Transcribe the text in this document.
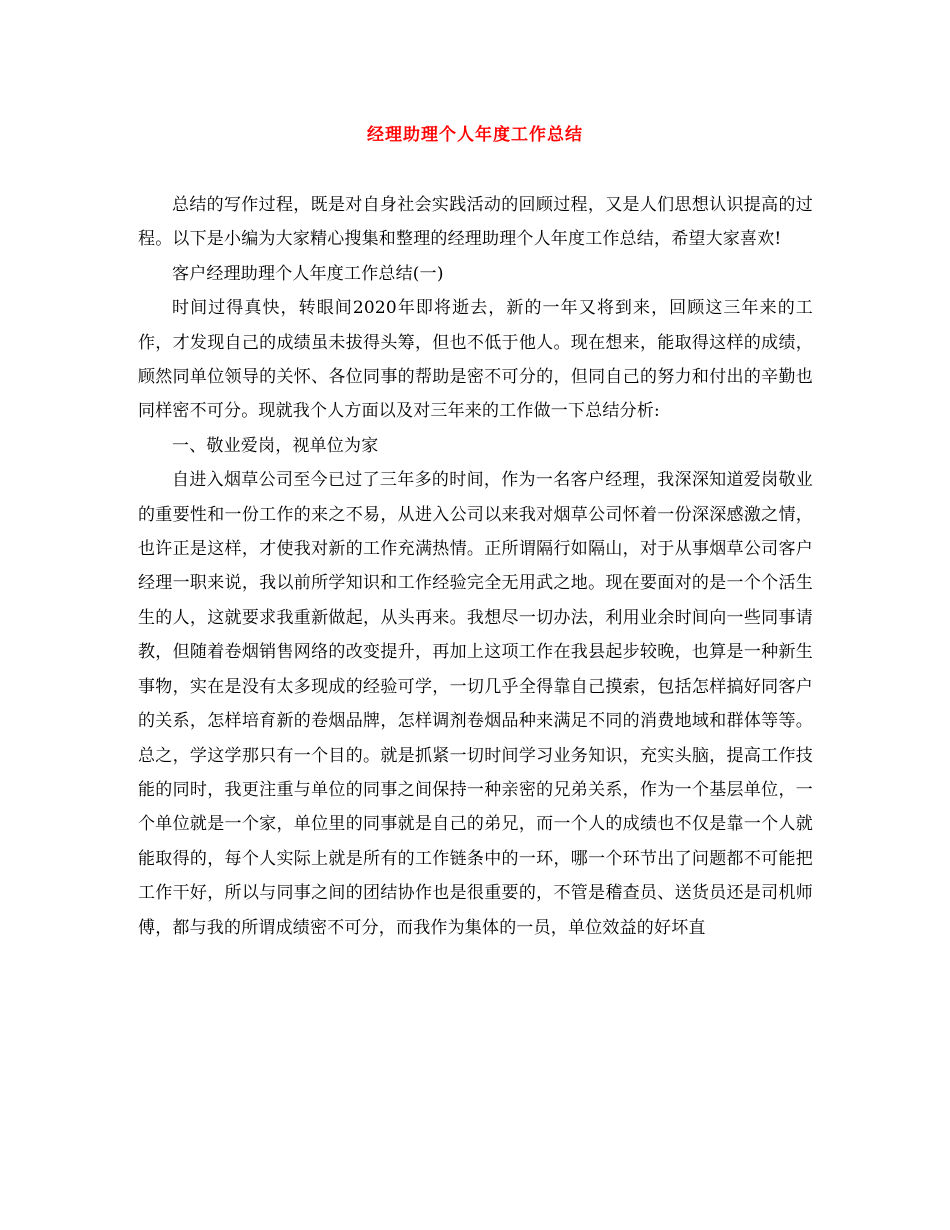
经理助理个人年度工作总结

总结的写作过程，既是对自身社会实践活动的回顾过程，又是人们思想认识提高的过程。以下是小编为大家精心搜集和整理的经理助理个人年度工作总结，希望大家喜欢!

客户经理助理个人年度工作总结(一)

时间过得真快，转眼间2020年即将逝去，新的一年又将到来，回顾这三年来的工作，才发现自己的成绩虽未拔得头筹，但也不低于他人。现在想来，能取得这样的成绩，顾然同单位领导的关怀、各位同事的帮助是密不可分的，但同自己的努力和付出的辛勤也同样密不可分。现就我个人方面以及对三年来的工作做一下总结分析:

一、敬业爱岗，视单位为家

自进入烟草公司至今已过了三年多的时间，作为一名客户经理，我深深知道爱岗敬业的重要性和一份工作的来之不易，从进入公司以来我对烟草公司怀着一份深深感激之情，也许正是这样，才使我对新的工作充满热情。正所谓隔行如隔山，对于从事烟草公司客户经理一职来说，我以前所学知识和工作经验完全无用武之地。现在要面对的是一个个活生生的人，这就要求我重新做起，从头再来。我想尽一切办法，利用业余时间向一些同事请教，但随着卷烟销售网络的改变提升，再加上这项工作在我县起步较晚，也算是一种新生事物，实在是没有太多现成的经验可学，一切几乎全得靠自己摸索，包括怎样搞好同客户的关系，怎样培育新的卷烟品牌，怎样调剂卷烟品种来满足不同的消费地域和群体等等。总之，学这学那只有一个目的。就是抓紧一切时间学习业务知识，充实头脑，提高工作技能的同时，我更注重与单位的同事之间保持一种亲密的兄弟关系，作为一个基层单位，一个单位就是一个家，单位里的同事就是自己的弟兄，而一个人的成绩也不仅是靠一个人就能取得的，每个人实际上就是所有的工作链条中的一环，哪一个环节出了问题都不可能把工作干好，所以与同事之间的团结协作也是很重要的，不管是稽查员、送货员还是司机师傅，都与我的所谓成绩密不可分，而我作为集体的一员，单位效益的好坏直
